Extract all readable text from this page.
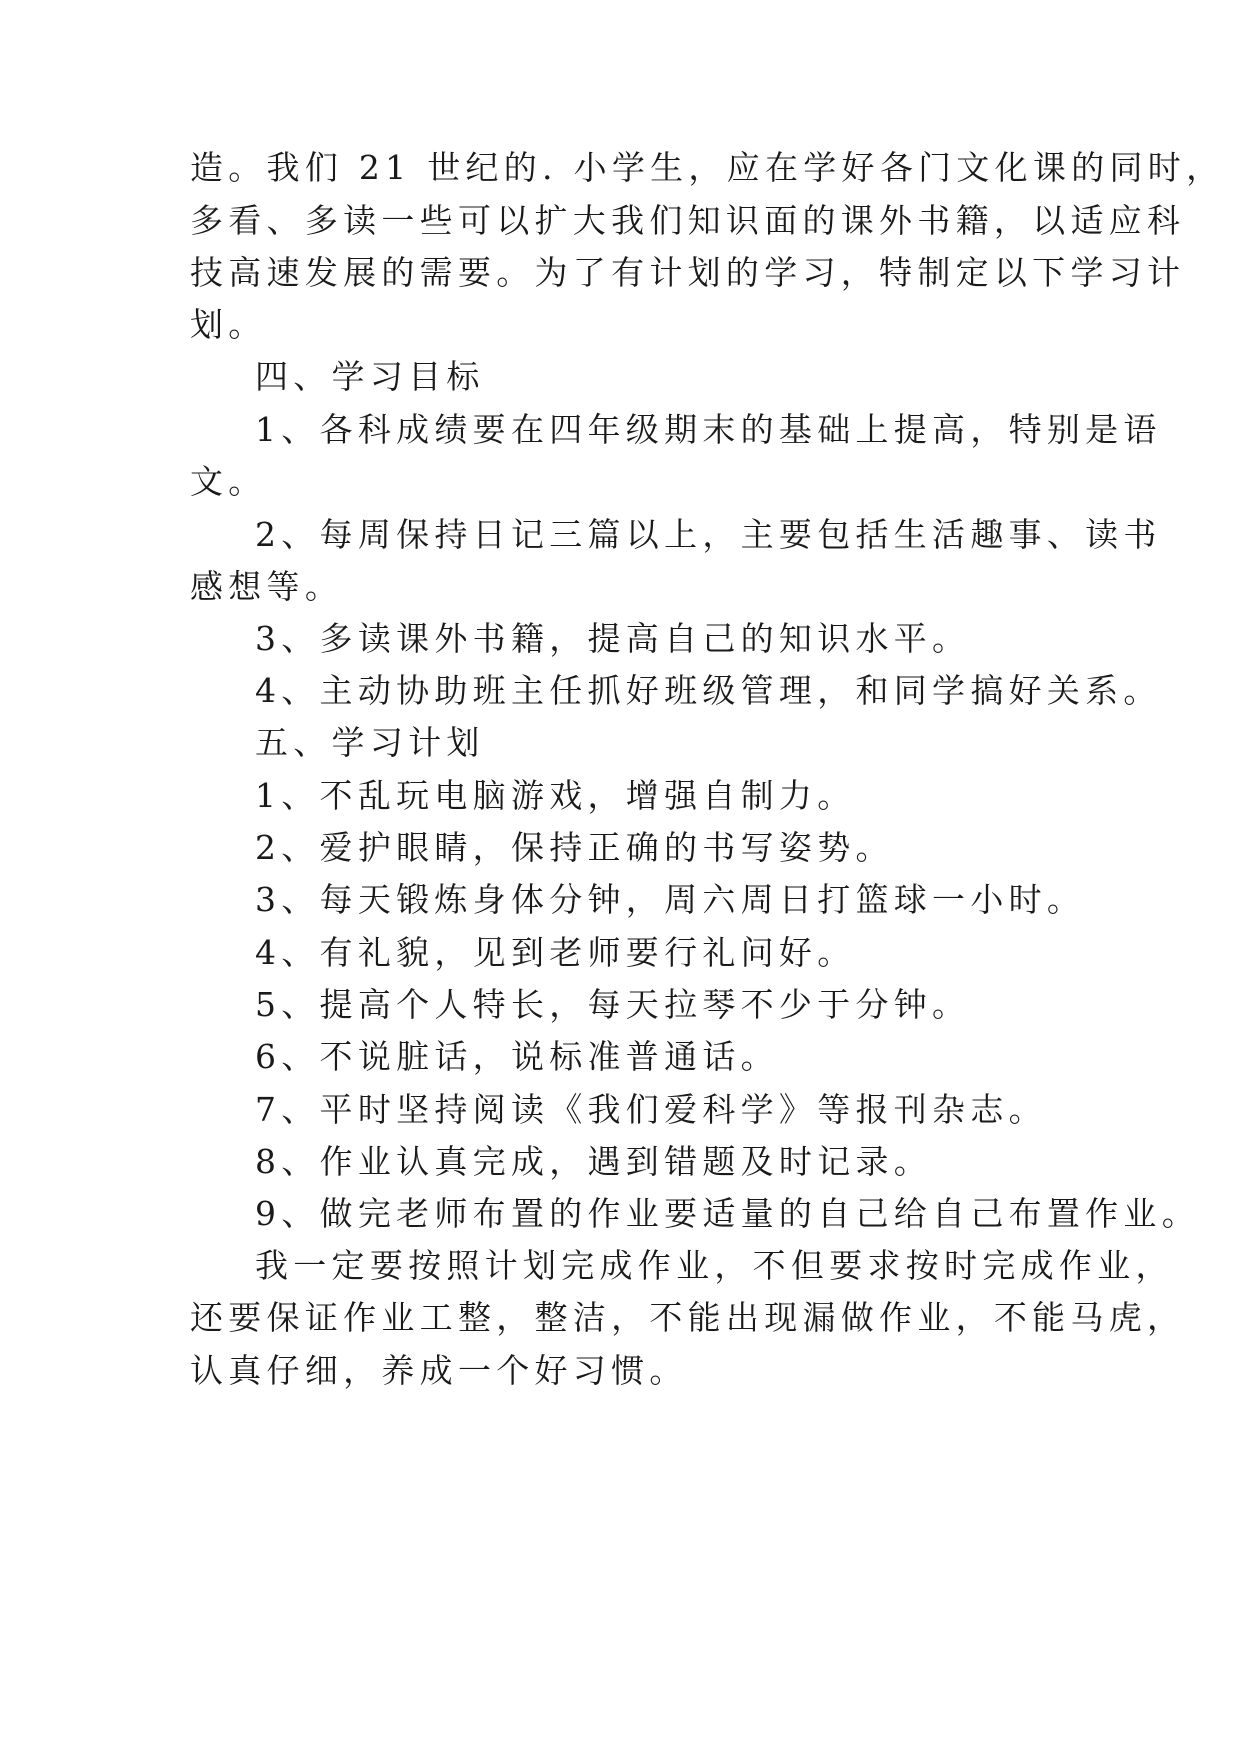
造。我们 21 世纪的. 小学生，应在学好各门文化课的同时，
多看、多读一些可以扩大我们知识面的课外书籍，以适应科
技高速发展的需要。为了有计划的学习，特制定以下学习计
划。
四、学习目标
1、各科成绩要在四年级期末的基础上提高，特别是语
文。
2、每周保持日记三篇以上，主要包括生活趣事、读书
感想等。
3、多读课外书籍，提高自己的知识水平。
4、主动协助班主任抓好班级管理，和同学搞好关系。
五、学习计划
1、不乱玩电脑游戏，增强自制力。
2、爱护眼睛，保持正确的书写姿势。
3、每天锻炼身体分钟，周六周日打篮球一小时。
4、有礼貌，见到老师要行礼问好。
5、提高个人特长，每天拉琴不少于分钟。
6、不说脏话，说标准普通话。
7、平时坚持阅读《我们爱科学》等报刊杂志。
8、作业认真完成，遇到错题及时记录。
9、做完老师布置的作业要适量的自己给自己布置作业。
我一定要按照计划完成作业，不但要求按时完成作业，
还要保证作业工整，整洁，不能出现漏做作业，不能马虎，
认真仔细，养成一个好习惯。
